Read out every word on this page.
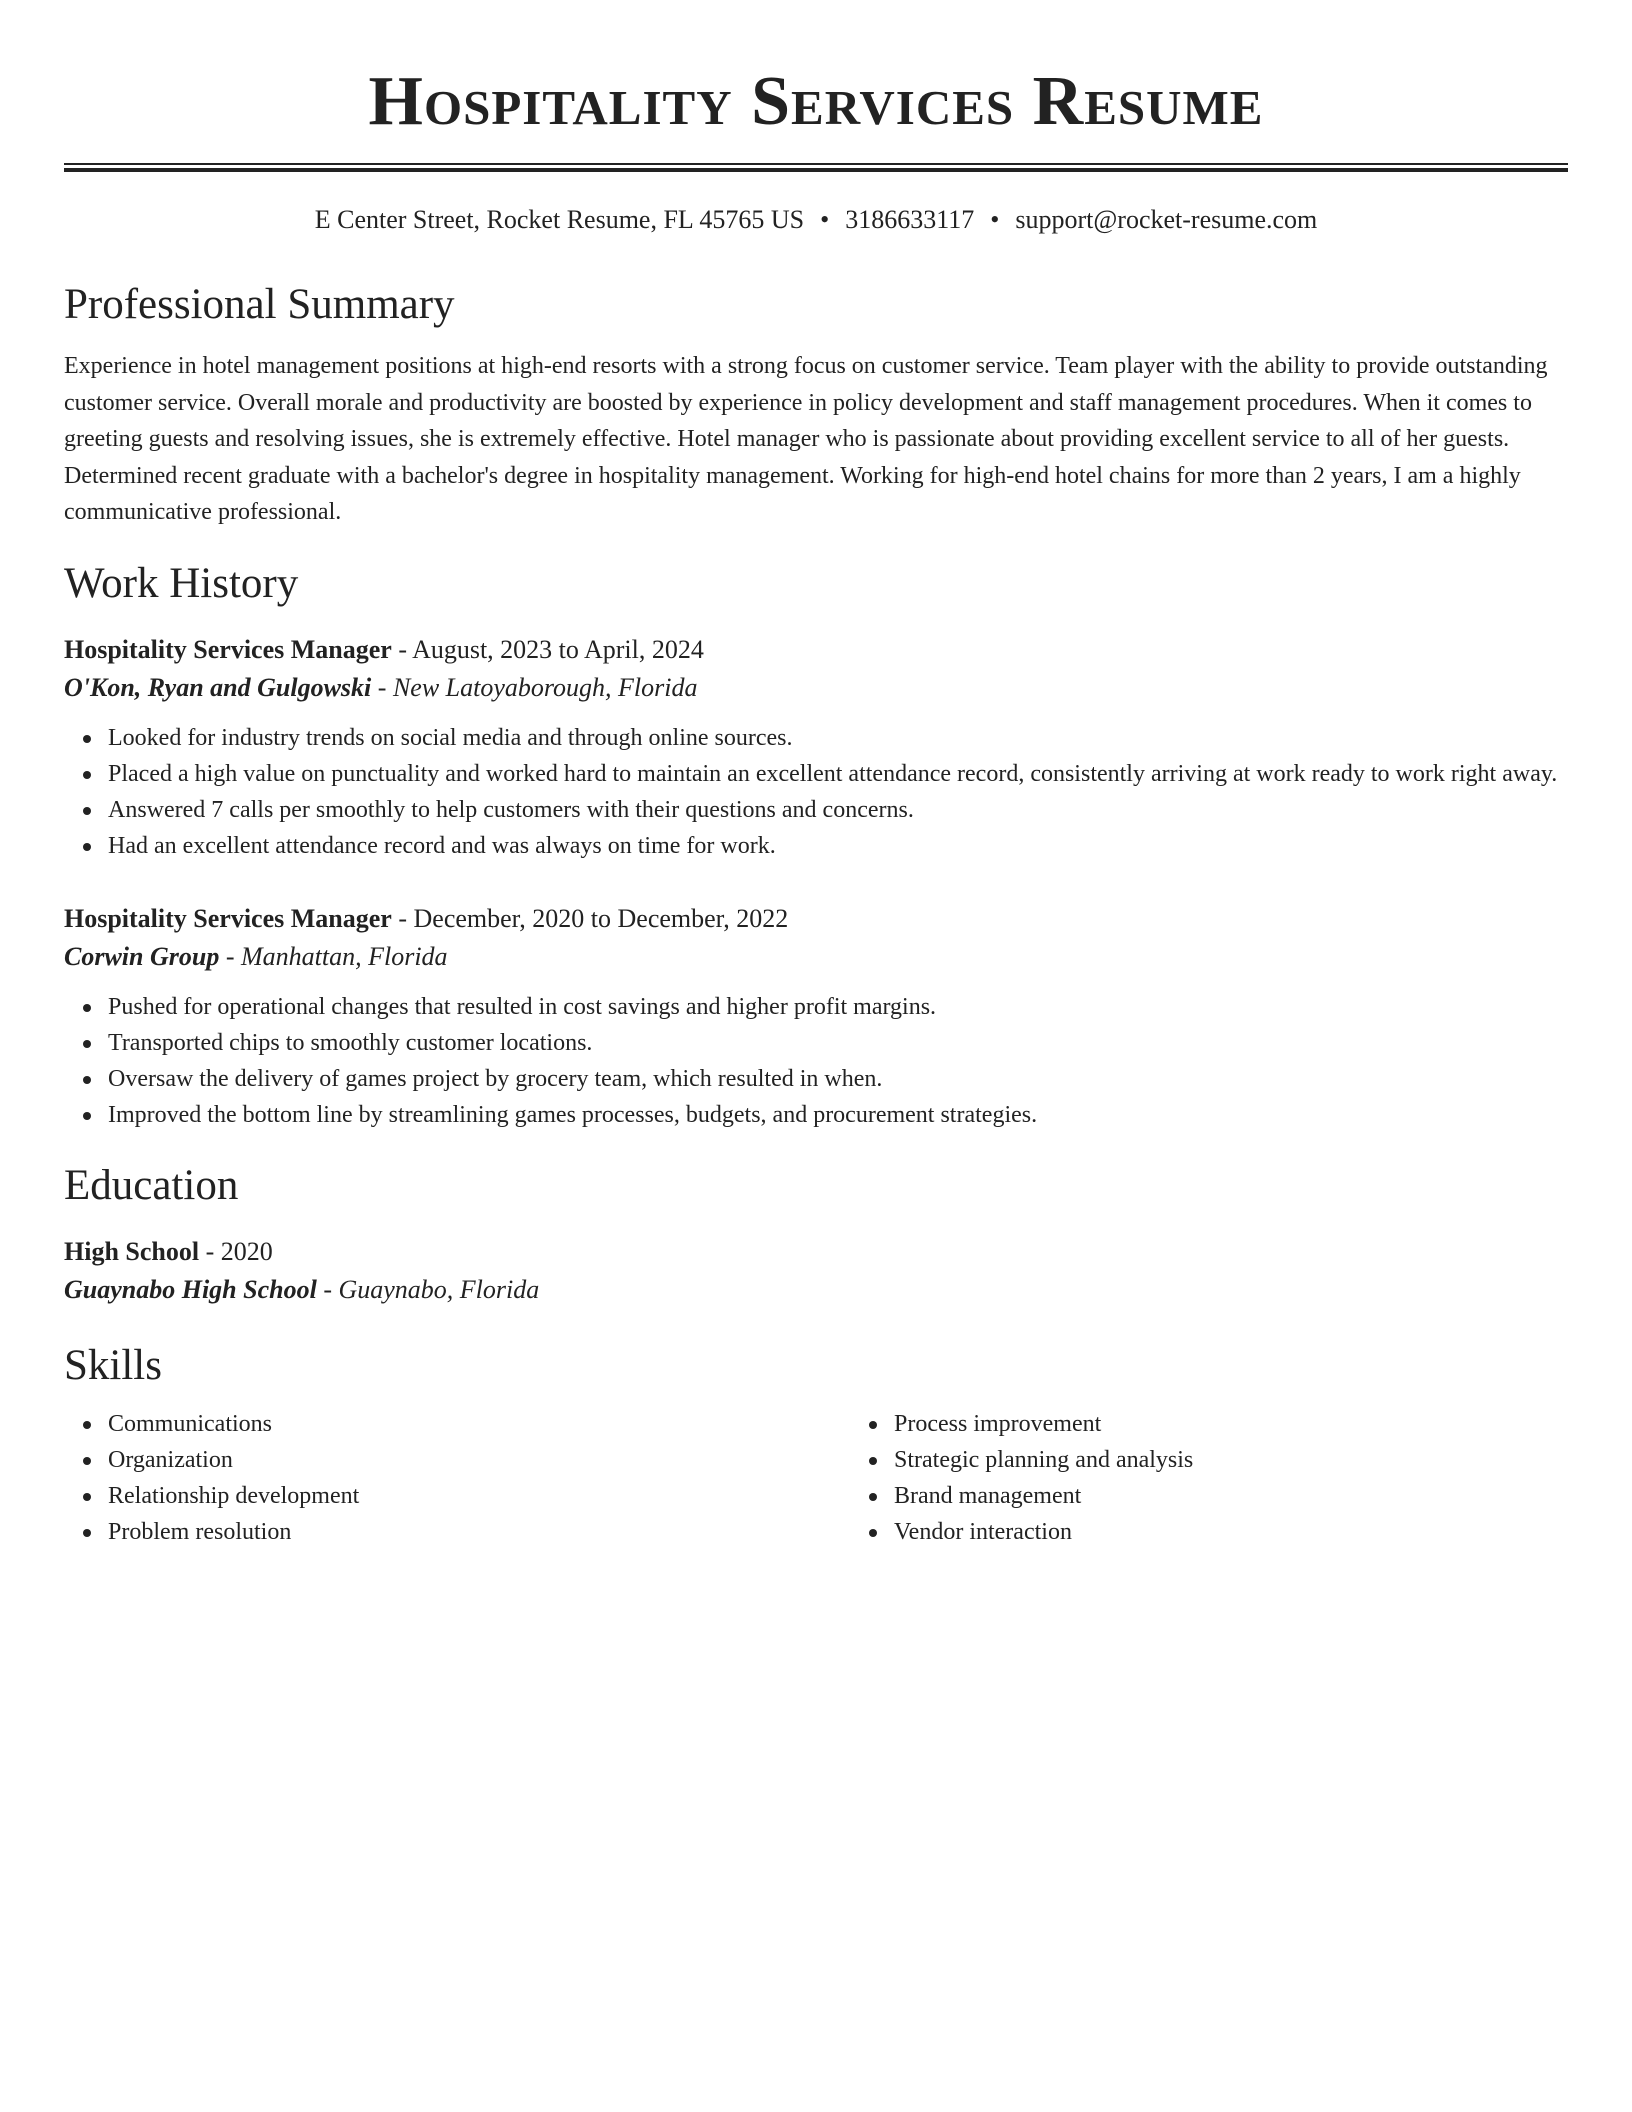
Hospitality Services Resume
E Center Street, Rocket Resume, FL 45765 US • 3186633117 • support@rocket-resume.com
Professional Summary

Experience in hotel management positions at high-end resorts with a strong focus on customer service. Team player with the ability to provide outstanding customer service. Overall morale and productivity are boosted by experience in policy development and staff management procedures. When it comes to greeting guests and resolving issues, she is extremely effective. Hotel manager who is passionate about providing excellent service to all of her guests. Determined recent graduate with a bachelor's degree in hospitality management. Working for high-end hotel chains for more than 2 years, I am a highly communicative professional.

Work History
Hospitality Services Manager - August, 2023 to April, 2024
O'Kon, Ryan and Gulgowski - New Latoyaborough, Florida
Looked for industry trends on social media and through online sources.
Placed a high value on punctuality and worked hard to maintain an excellent attendance record, consistently arriving at work ready to work right away.
Answered 7 calls per smoothly to help customers with their questions and concerns.
Had an excellent attendance record and was always on time for work.
Hospitality Services Manager - December, 2020 to December, 2022
Corwin Group - Manhattan, Florida
Pushed for operational changes that resulted in cost savings and higher profit margins.
Transported chips to smoothly customer locations.
Oversaw the delivery of games project by grocery team, which resulted in when.
Improved the bottom line by streamlining games processes, budgets, and procurement strategies.
Education
High School - 2020
Guaynabo High School - Guaynabo, Florida
Skills
Communications
Organization
Relationship development
Problem resolution
Process improvement
Strategic planning and analysis
Brand management
Vendor interaction
